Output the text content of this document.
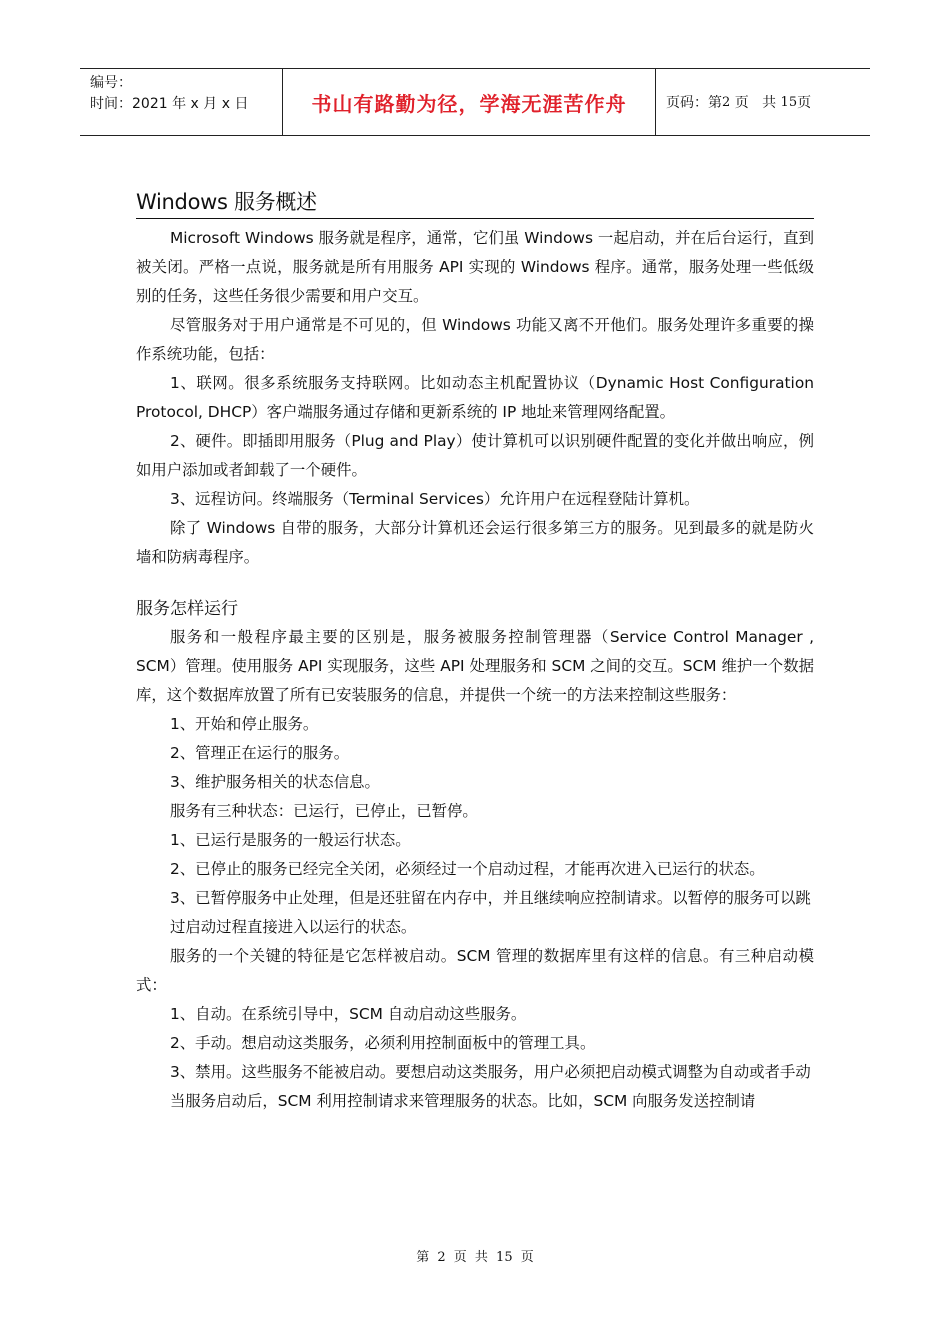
编号：
时间：2021 年 x 月 x 日	书山有路勤为径，学海无涯苦作舟	页码：第 2 页   共 15 页
Windows 服务概述

Microsoft Windows 服务就是程序，通常，它们虽 Windows 一起启动，并在后台运行，直到被关闭。严格一点说，服务就是所有用服务 API 实现的 Windows 程序。通常，服务处理一些低级别的任务，这些任务很少需要和用户交互。

尽管服务对于用户通常是不可见的，但 Windows 功能又离不开他们。服务处理许多重要的操作系统功能，包括：

1、联网。很多系统服务支持联网。比如动态主机配置协议（Dynamic Host Configuration Protocol, DHCP）客户端服务通过存储和更新系统的 IP 地址来管理网络配置。

2、硬件。即插即用服务（Plug and Play）使计算机可以识别硬件配置的变化并做出响应，例如用户添加或者卸载了一个硬件。

3、远程访问。终端服务（Terminal Services）允许用户在远程登陆计算机。

除了 Windows 自带的服务，大部分计算机还会运行很多第三方的服务。见到最多的就是防火墙和防病毒程序。

服务怎样运行

服务和一般程序最主要的区别是，服务被服务控制管理器（Service Control Manager , SCM）管理。使用服务 API 实现服务，这些 API 处理服务和 SCM 之间的交互。SCM 维护一个数据库，这个数据库放置了所有已安装服务的信息，并提供一个统一的方法来控制这些服务：

1、开始和停止服务。

2、管理正在运行的服务。

3、维护服务相关的状态信息。

服务有三种状态：已运行，已停止，已暂停。

1、已运行是服务的一般运行状态。

2、已停止的服务已经完全关闭，必须经过一个启动过程，才能再次进入已运行的状态。

3、已暂停服务中止处理，但是还驻留在内存中，并且继续响应控制请求。以暂停的服务可以跳过启动过程直接进入以运行的状态。

服务的一个关键的特征是它怎样被启动。SCM 管理的数据库里有这样的信息。有三种启动模式：

1、自动。在系统引导中，SCM 自动启动这些服务。

2、手动。想启动这类服务，必须利用控制面板中的管理工具。

3、禁用。这些服务不能被启动。要想启动这类服务，用户必须把启动模式调整为自动或者手动

当服务启动后，SCM 利用控制请求来管理服务的状态。比如，SCM 向服务发送控制请

第 2 页 共 15 页
